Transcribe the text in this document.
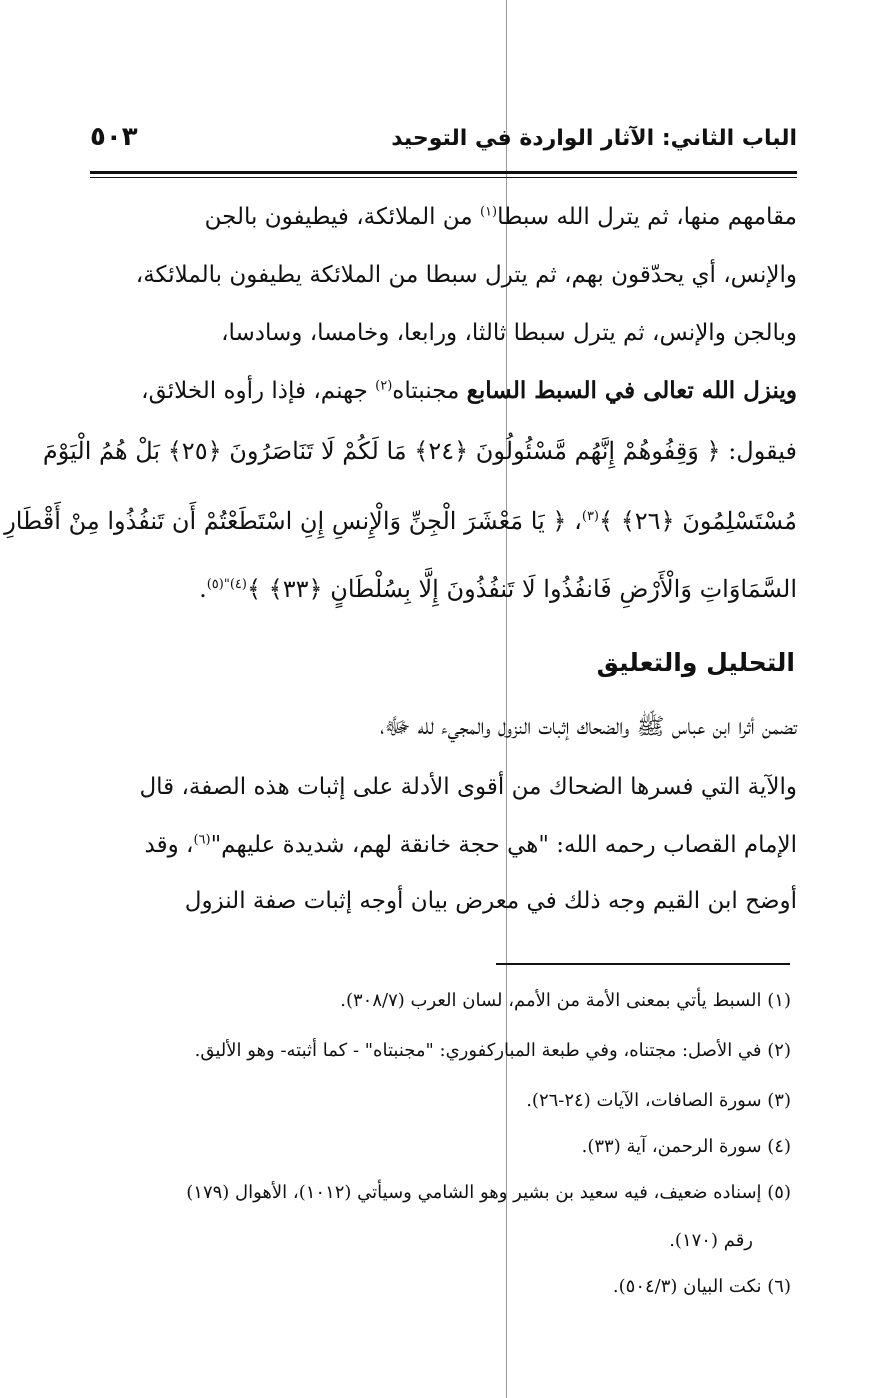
الباب الثاني: الآثار الواردة في التوحيد
٥٠٣
مقامهم منها، ثم يترل الله سبطا$^{(١)}$ من الملائكة، فيطيفون بالجن
والإنس، أي يحدّقون بهم، ثم يترل سبطا من الملائكة يطيفون بالملائكة،
وبالجن والإنس، ثم يترل سبطا ثالثا، ورابعا، وخامسا، وسادسا،
وينزل الله تعالى في السبط السابع مجنبتاه$^{(٢)}$ جهنم، فإذا رأوه الخلائق،
فيقول: ﴿ وَقِفُوهُمْ إِنَّهُم مَّسْئُولُونَ ﴿٢٤﴾ مَا لَكُمْ لَا تَنَاصَرُونَ ﴿٢٥﴾ بَلْ هُمُ الْيَوْمَ
مُسْتَسْلِمُونَ ﴿٢٦﴾ ﴾$^{(٣)}$، ﴿ يَا مَعْشَرَ الْجِنِّ وَالْإِنسِ إِنِ اسْتَطَعْتُمْ أَن تَنفُذُوا مِنْ أَقْطَارِ
السَّمَاوَاتِ وَالْأَرْضِ فَانفُذُوا لَا تَنفُذُونَ إِلَّا بِسُلْطَانٍ ﴿٣٣﴾ ﴾$^{(٤)"(٥)}$.
التحليل والتعليق
تضمن أثرا ابن عباس ﷺ والضحاك إثبات النزول والمجيء لله ﷻ،
والآية التي فسرها الضحاك من أقوى الأدلة على إثبات هذه الصفة، قال
الإمام القصاب رحمه الله: "هي حجة خانقة لهم، شديدة عليهم"$^{(٦)}$، وقد
أوضح ابن القيم وجه ذلك في معرض بيان أوجه إثبات صفة النزول
(١) السبط يأتي بمعنى الأمة من الأمم، لسان العرب (٣٠٨/٧).
(٢) في الأصل: مجتناه، وفي طبعة المباركفوري: "مجنبتاه" - كما أثبته- وهو الأليق.
(٣) سورة الصافات، الآيات (٢٤-٢٦).
(٤) سورة الرحمن، آية (٣٣).
(٥) إسناده ضعيف، فيه سعيد بن بشير وهو الشامي وسيأتي (١٠١٢)، الأهوال (١٧٩)
رقم (١٧٠).
(٦) نكت البيان (٥٠٤/٣).
